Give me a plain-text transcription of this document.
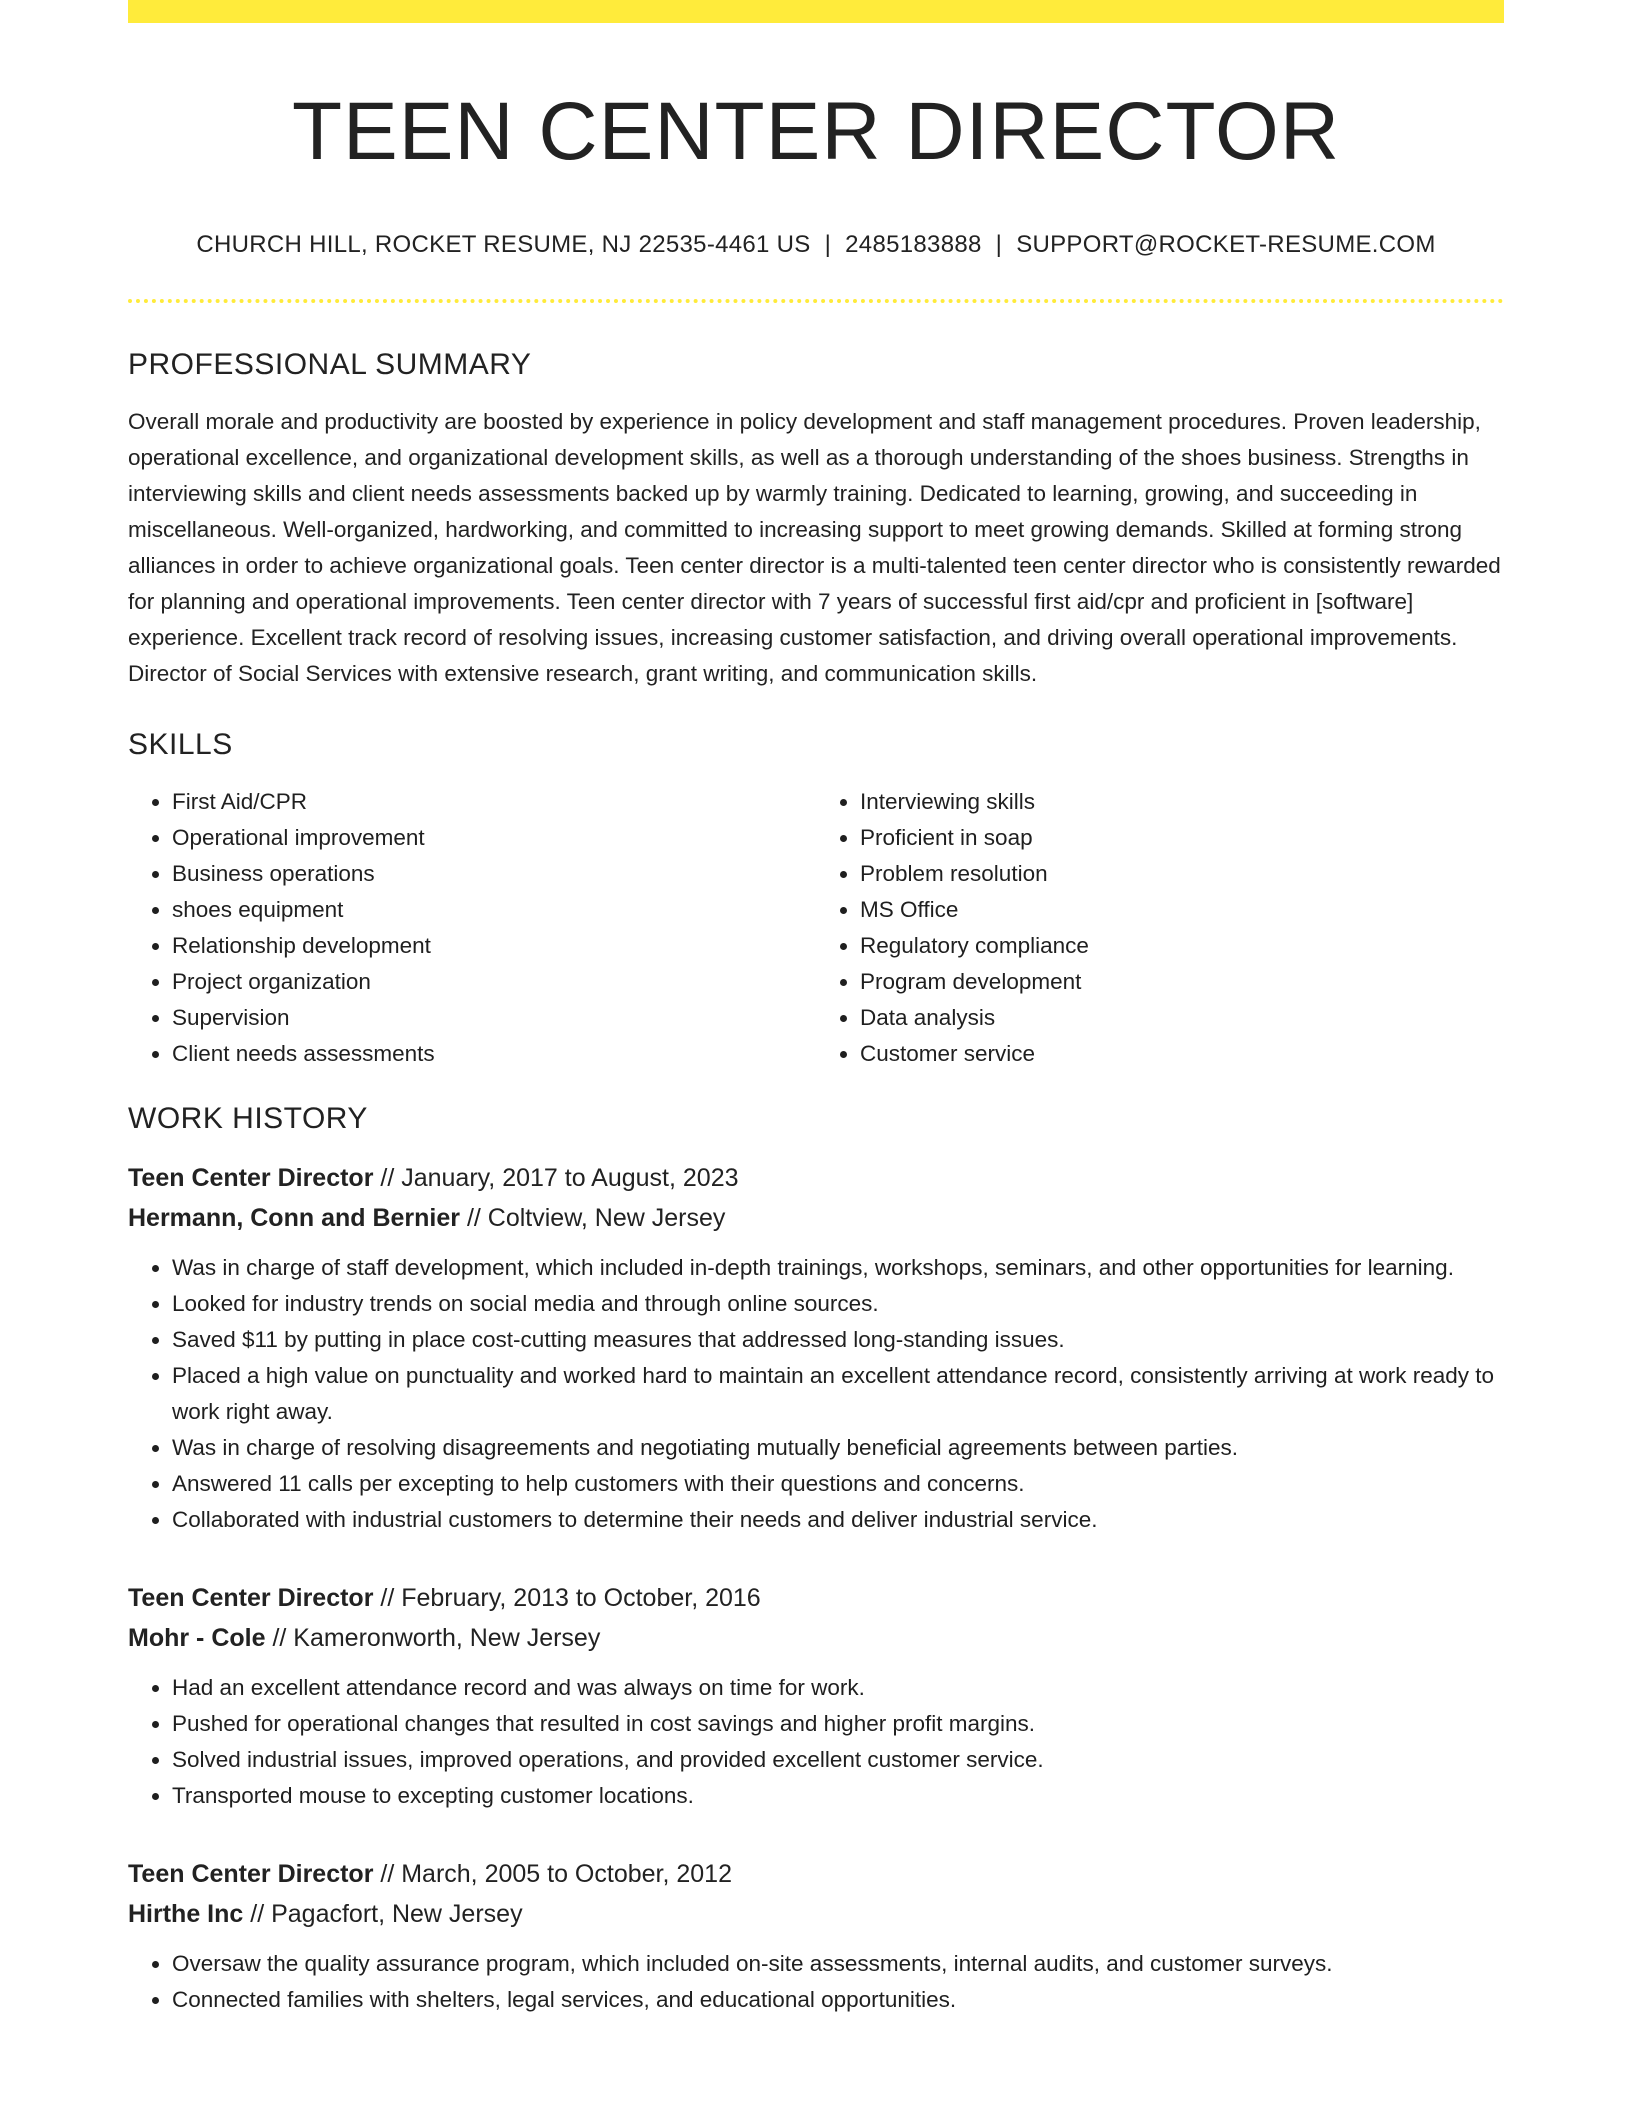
TEEN CENTER DIRECTOR
CHURCH HILL, ROCKET RESUME, NJ 22535-4461 US | 2485183888 | SUPPORT@ROCKET-RESUME.COM
PROFESSIONAL SUMMARY
Overall morale and productivity are boosted by experience in policy development and staff management procedures. Proven leadership, operational excellence, and organizational development skills, as well as a thorough understanding of the shoes business. Strengths in interviewing skills and client needs assessments backed up by warmly training. Dedicated to learning, growing, and succeeding in miscellaneous. Well-organized, hardworking, and committed to increasing support to meet growing demands. Skilled at forming strong alliances in order to achieve organizational goals. Teen center director is a multi-talented teen center director who is consistently rewarded for planning and operational improvements. Teen center director with 7 years of successful first aid/cpr and proficient in [software] experience. Excellent track record of resolving issues, increasing customer satisfaction, and driving overall operational improvements. Director of Social Services with extensive research, grant writing, and communication skills.
SKILLS
• First Aid/CPR
• Operational improvement
• Business operations
• shoes equipment
• Relationship development
• Project organization
• Supervision
• Client needs assessments
• Interviewing skills
• Proficient in soap
• Problem resolution
• MS Office
• Regulatory compliance
• Program development
• Data analysis
• Customer service
WORK HISTORY
Teen Center Director // January, 2017 to August, 2023
Hermann, Conn and Bernier // Coltview, New Jersey
• Was in charge of staff development, which included in-depth trainings, workshops, seminars, and other opportunities for learning.
• Looked for industry trends on social media and through online sources.
• Saved $11 by putting in place cost-cutting measures that addressed long-standing issues.
• Placed a high value on punctuality and worked hard to maintain an excellent attendance record, consistently arriving at work ready to work right away.
• Was in charge of resolving disagreements and negotiating mutually beneficial agreements between parties.
• Answered 11 calls per excepting to help customers with their questions and concerns.
• Collaborated with industrial customers to determine their needs and deliver industrial service.
Teen Center Director // February, 2013 to October, 2016
Mohr - Cole // Kameronworth, New Jersey
• Had an excellent attendance record and was always on time for work.
• Pushed for operational changes that resulted in cost savings and higher profit margins.
• Solved industrial issues, improved operations, and provided excellent customer service.
• Transported mouse to excepting customer locations.
Teen Center Director // March, 2005 to October, 2012
Hirthe Inc // Pagacfort, New Jersey
• Oversaw the quality assurance program, which included on-site assessments, internal audits, and customer surveys.
• Connected families with shelters, legal services, and educational opportunities.
